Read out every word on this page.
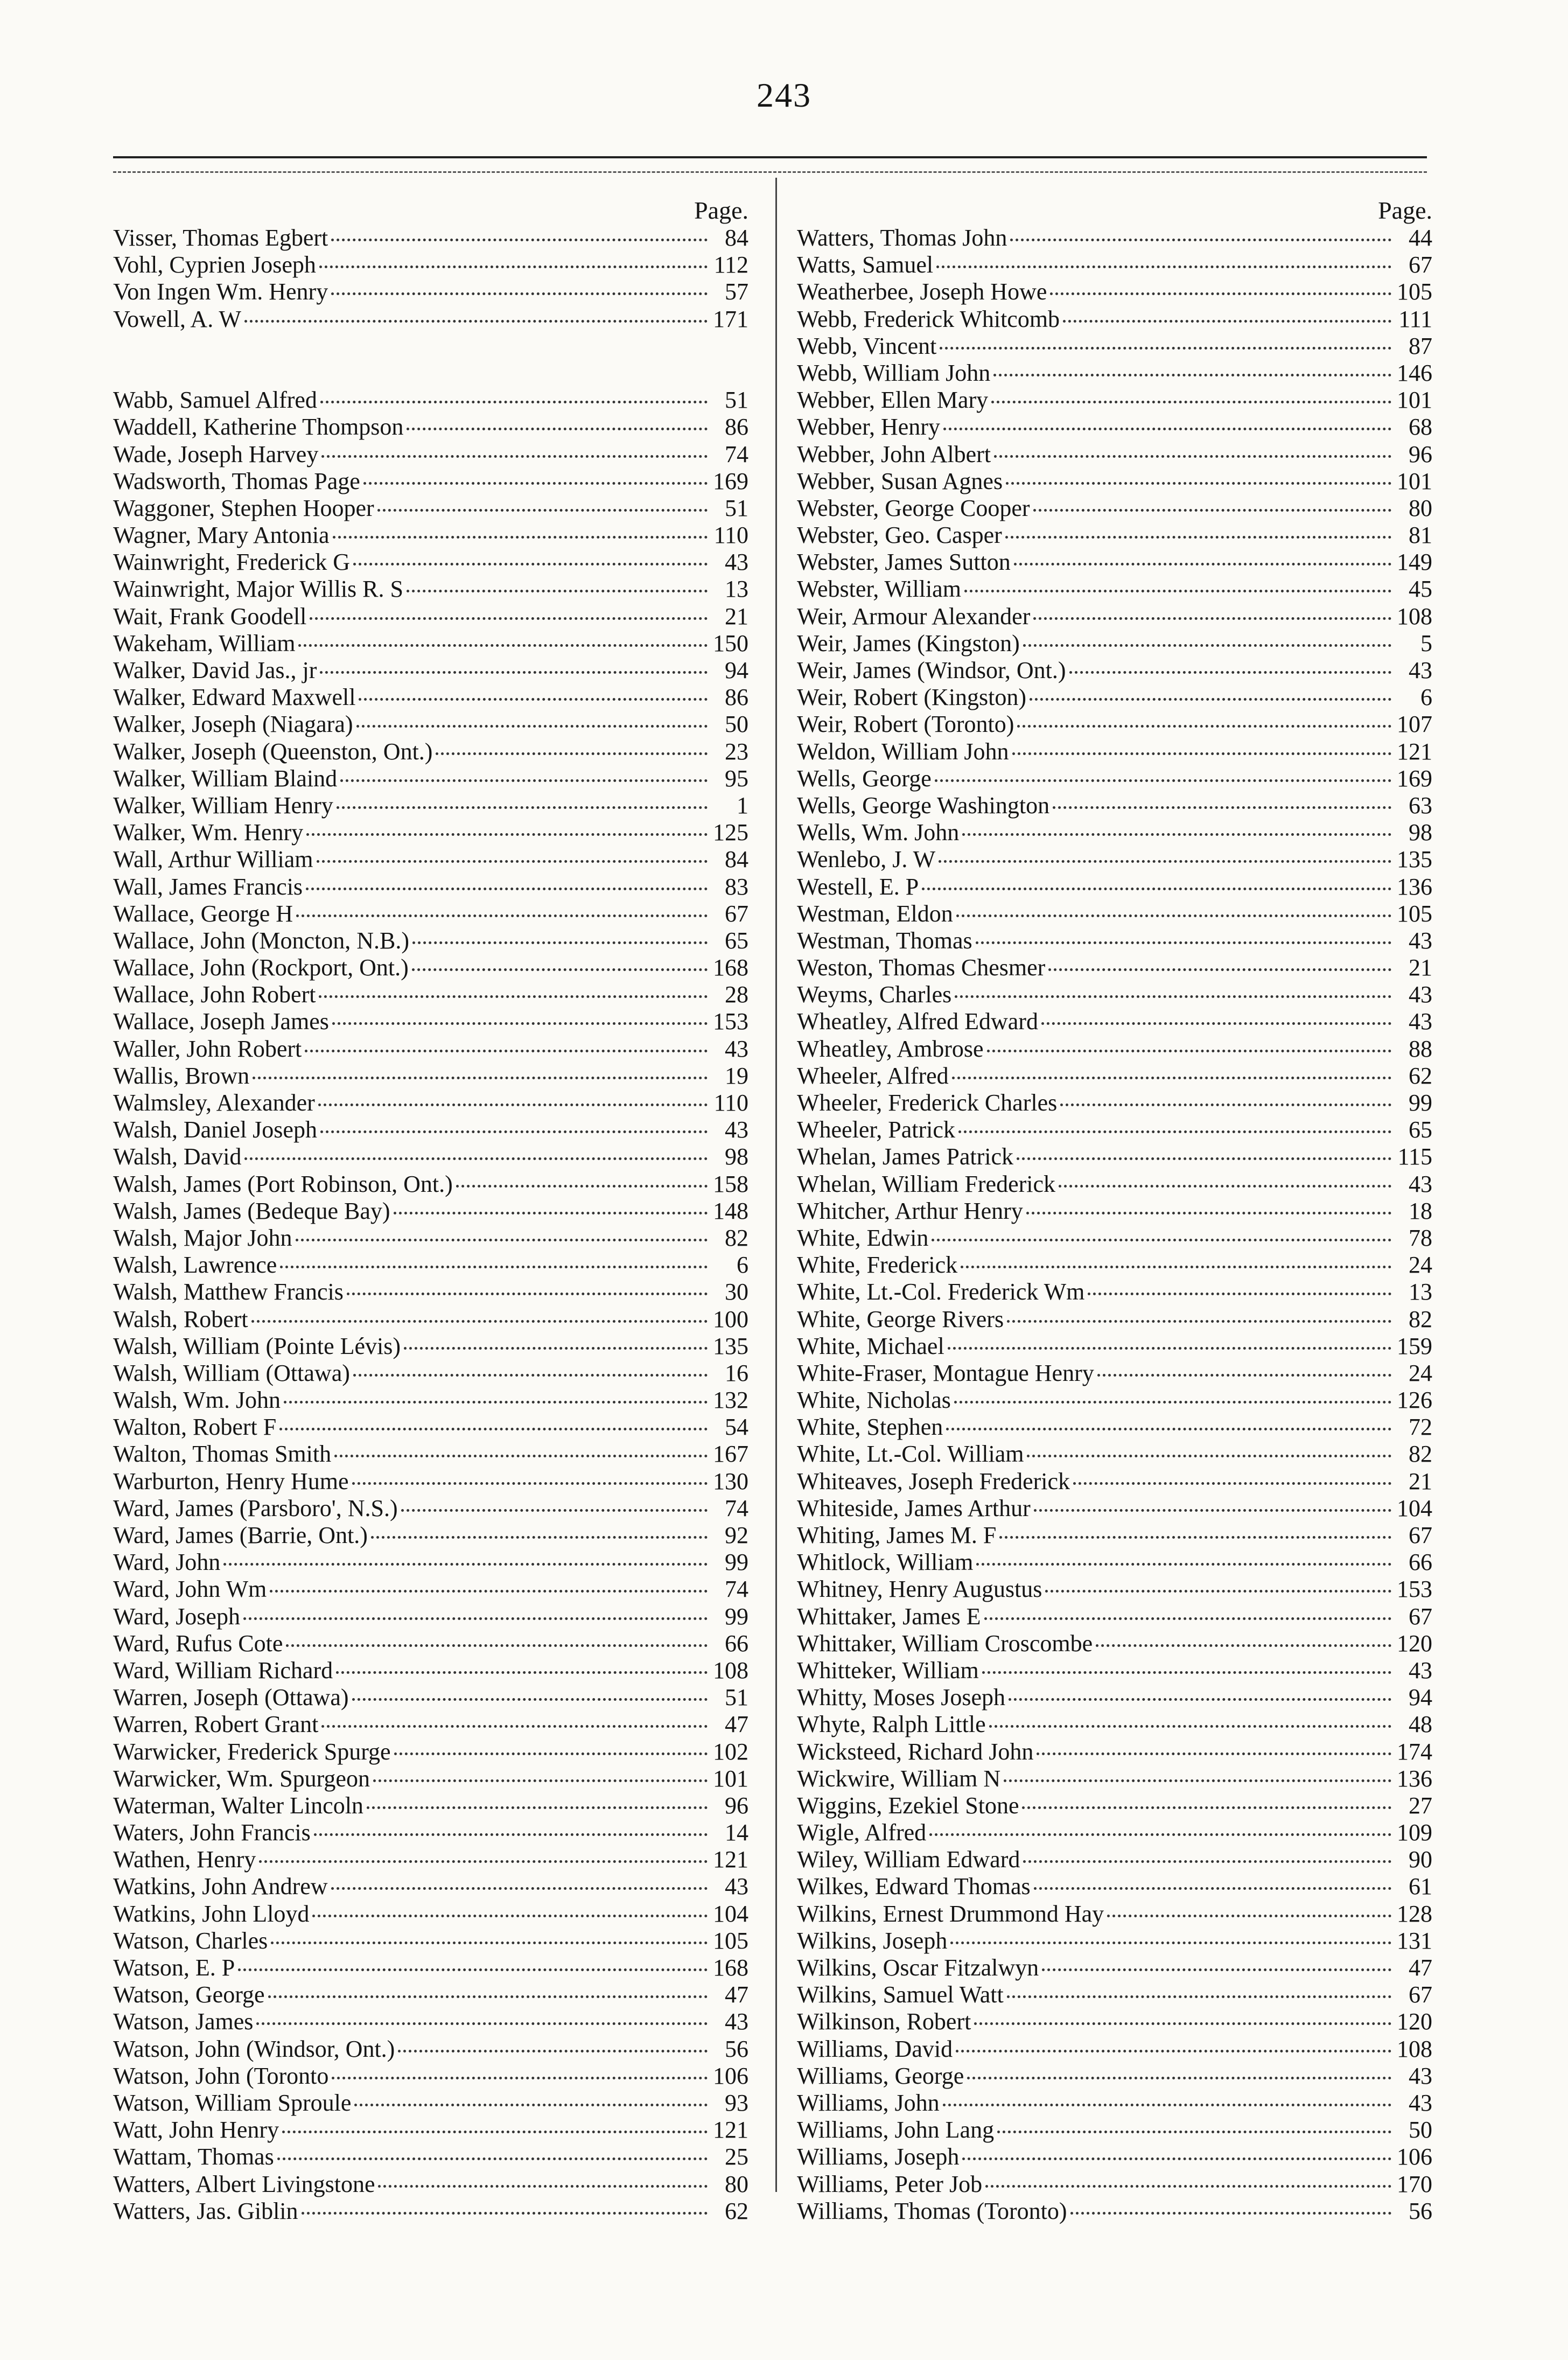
243
Page.
Visser, Thomas Egbert	84
Vohl, Cyprien Joseph	112
Von Ingen Wm. Henry	57
Vowell, A. W	171
Wabb, Samuel Alfred	51
Waddell, Katherine Thompson	86
Wade, Joseph Harvey	74
Wadsworth, Thomas Page	169
Waggoner, Stephen Hooper	51
Wagner, Mary Antonia	110
Wainwright, Frederick G	43
Wainwright, Major Willis R. S	13
Wait, Frank Goodell	21
Wakeham, William	150
Walker, David Jas., jr	94
Walker, Edward Maxwell	86
Walker, Joseph (Niagara)	50
Walker, Joseph (Queenston, Ont.)	23
Walker, William Blaind	95
Walker, William Henry	1
Walker, Wm. Henry	125
Wall, Arthur William	84
Wall, James Francis	83
Wallace, George H	67
Wallace, John (Moncton, N.B.)	65
Wallace, John (Rockport, Ont.)	168
Wallace, John Robert	28
Wallace, Joseph James	153
Waller, John Robert	43
Wallis, Brown	19
Walmsley, Alexander	110
Walsh, Daniel Joseph	43
Walsh, David	98
Walsh, James (Port Robinson, Ont.)	158
Walsh, James (Bedeque Bay)	148
Walsh, Major John	82
Walsh, Lawrence	6
Walsh, Matthew Francis	30
Walsh, Robert	100
Walsh, William (Pointe Lévis)	135
Walsh, William (Ottawa)	16
Walsh, Wm. John	132
Walton, Robert F	54
Walton, Thomas Smith	167
Warburton, Henry Hume	130
Ward, James (Parsboro', N.S.)	74
Ward, James (Barrie, Ont.)	92
Ward, John	99
Ward, John Wm	74
Ward, Joseph	99
Ward, Rufus Cote	66
Ward, William Richard	108
Warren, Joseph (Ottawa)	51
Warren, Robert Grant	47
Warwicker, Frederick Spurge	102
Warwicker, Wm. Spurgeon	101
Waterman, Walter Lincoln	96
Waters, John Francis	14
Wathen, Henry	121
Watkins, John Andrew	43
Watkins, John Lloyd	104
Watson, Charles	105
Watson, E. P	168
Watson, George	47
Watson, James	43
Watson, John (Windsor, Ont.)	56
Watson, John (Toronto	106
Watson, William Sproule	93
Watt, John Henry	121
Wattam, Thomas	25
Watters, Albert Livingstone	80
Watters, Jas. Giblin	62
Page.
Watters, Thomas John	44
Watts, Samuel	67
Weatherbee, Joseph Howe	105
Webb, Frederick Whitcomb	111
Webb, Vincent	87
Webb, William John	146
Webber, Ellen Mary	101
Webber, Henry	68
Webber, John Albert	96
Webber, Susan Agnes	101
Webster, George Cooper	80
Webster, Geo. Casper	81
Webster, James Sutton	149
Webster, William	45
Weir, Armour Alexander	108
Weir, James (Kingston)	5
Weir, James (Windsor, Ont.)	43
Weir, Robert (Kingston)	6
Weir, Robert (Toronto)	107
Weldon, William John	121
Wells, George	169
Wells, George Washington	63
Wells, Wm. John	98
Wenlebo, J. W	135
Westell, E. P	136
Westman, Eldon	105
Westman, Thomas	43
Weston, Thomas Chesmer	21
Weyms, Charles	43
Wheatley, Alfred Edward	43
Wheatley, Ambrose	88
Wheeler, Alfred	62
Wheeler, Frederick Charles	99
Wheeler, Patrick	65
Whelan, James Patrick	115
Whelan, William Frederick	43
Whitcher, Arthur Henry	18
White, Edwin	78
White, Frederick	24
White, Lt.-Col. Frederick Wm	13
White, George Rivers	82
White, Michael	159
White-Fraser, Montague Henry	24
White, Nicholas	126
White, Stephen	72
White, Lt.-Col. William	82
Whiteaves, Joseph Frederick	21
Whiteside, James Arthur	104
Whiting, James M. F	67
Whitlock, William	66
Whitney, Henry Augustus	153
Whittaker, James E	67
Whittaker, William Croscombe	120
Whitteker, William	43
Whitty, Moses Joseph	94
Whyte, Ralph Little	48
Wicksteed, Richard John	174
Wickwire, William N	136
Wiggins, Ezekiel Stone	27
Wigle, Alfred	109
Wiley, William Edward	90
Wilkes, Edward Thomas	61
Wilkins, Ernest Drummond Hay	128
Wilkins, Joseph	131
Wilkins, Oscar Fitzalwyn	47
Wilkins, Samuel Watt	67
Wilkinson, Robert	120
Williams, David	108
Williams, George	43
Williams, John	43
Williams, John Lang	50
Williams, Joseph	106
Williams, Peter Job	170
Williams, Thomas (Toronto)	56
